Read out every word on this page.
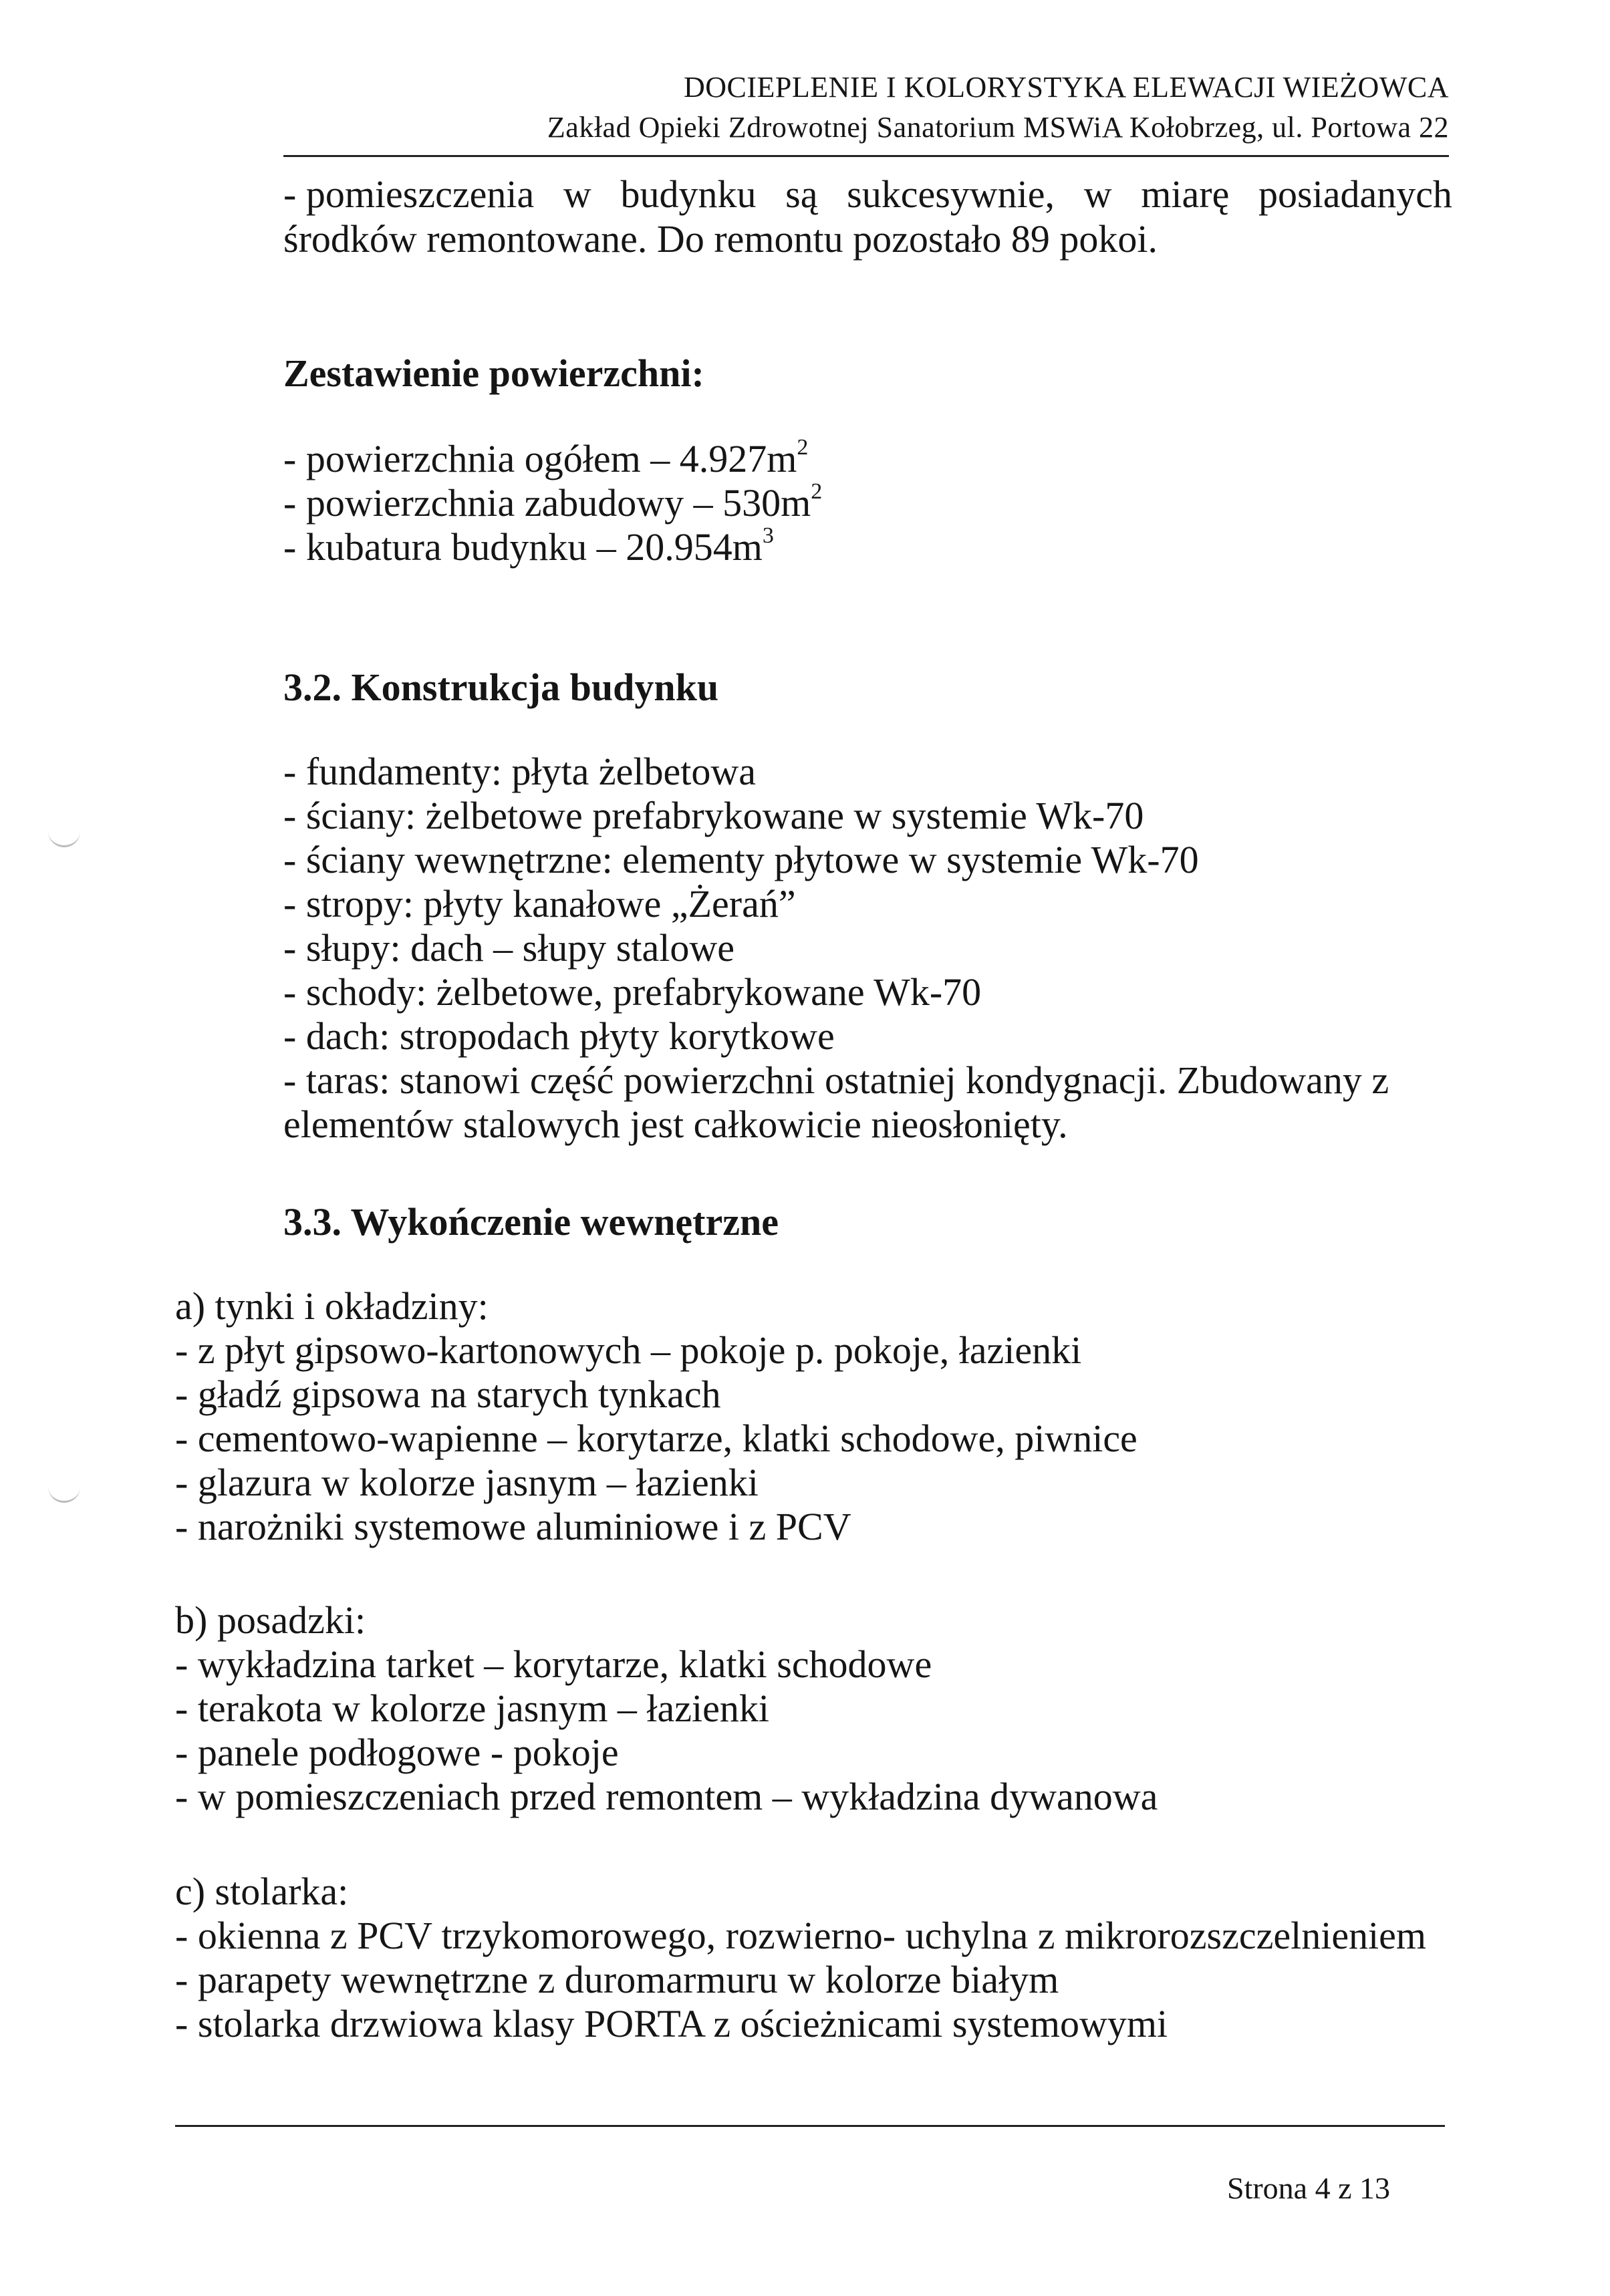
DOCIEPLENIE I KOLORYSTYKA ELEWACJI WIEŻOWCA
Zakład Opieki Zdrowotnej Sanatorium MSWiA Kołobrzeg, ul. Portowa 22
- pomieszczenia w budynku są sukcesywnie, w miarę posiadanych
środków remontowane. Do remontu pozostało 89 pokoi.
Zestawienie powierzchni:
- powierzchnia ogółem – $4.927m^2$
- powierzchnia zabudowy – $530m^2$
- kubatura budynku – $20.954m^3$
3.2. Konstrukcja budynku
- fundamenty: płyta żelbetowa
- ściany: żelbetowe prefabrykowane w systemie Wk-70
- ściany wewnętrzne: elementy płytowe w systemie Wk-70
- stropy: płyty kanałowe „Żerań”
- słupy: dach – słupy stalowe
- schody: żelbetowe, prefabrykowane Wk-70
- dach: stropodach płyty korytkowe
- taras: stanowi część powierzchni ostatniej kondygnacji. Zbudowany z
elementów stalowych jest całkowicie nieosłonięty.
3.3. Wykończenie wewnętrzne
a) tynki i okładziny:
- z płyt gipsowo-kartonowych – pokoje p. pokoje, łazienki
- gładź gipsowa na starych tynkach
- cementowo-wapienne – korytarze, klatki schodowe, piwnice
- glazura w kolorze jasnym – łazienki
- narożniki systemowe aluminiowe i z PCV
b) posadzki:
- wykładzina tarket – korytarze, klatki schodowe
- terakota w kolorze jasnym – łazienki
- panele podłogowe - pokoje
- w pomieszczeniach przed remontem – wykładzina dywanowa
c) stolarka:
- okienna z PCV trzykomorowego, rozwierno- uchylna z mikrorozszczelnieniem
- parapety wewnętrzne z duromarmuru w kolorze białym
- stolarka drzwiowa klasy PORTA z ościeżnicami systemowymi
Strona 4 z 13
